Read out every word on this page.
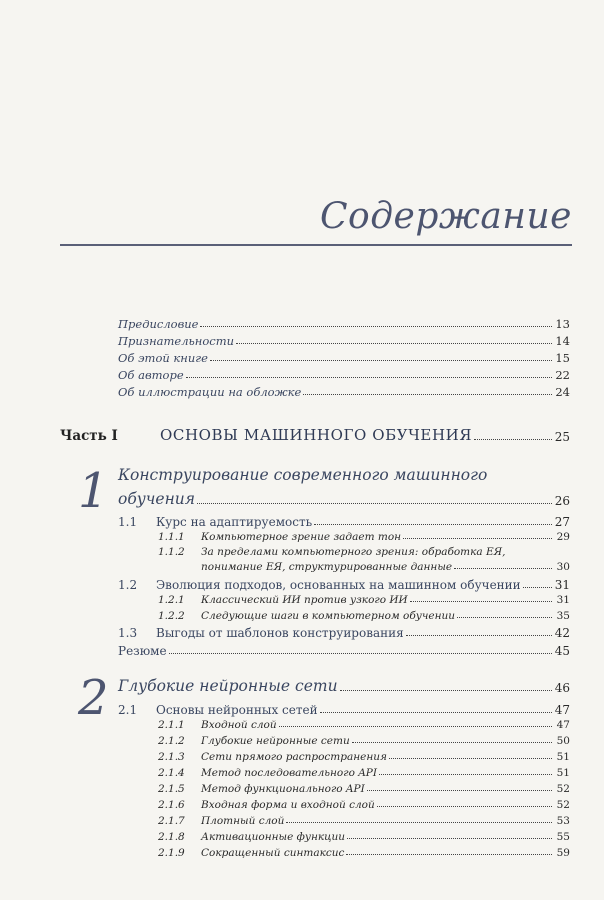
Содержание
Предисловие	13
Признательности	14
Об этой книге	15
Об авторе	22
Об иллюстрации на обложке	24
Часть I	ОСНОВЫ МАШИННОГО ОБУЧЕНИЯ	25
1 Конструирование современного машинного
обучения	26
1.1	Курс на адаптируемость	27
1.1.1	Компьютерное зрение задает тон	29
1.1.2 За пределами компьютерного зрения: обработка ЕЯ,
понимание ЕЯ, структурированные данные	30
1.2	Эволюция подходов, основанных на машинном обучении	31
1.2.1	Классический ИИ против узкого ИИ	31
1.2.2	Следующие шаги в компьютерном обучении	35
1.3	Выгоды от шаблонов конструирования	42
Резюме	45
2 Глубокие нейронные сети	46
2.1	Основы нейронных сетей	47
2.1.1	Входной слой	47
2.1.2	Глубокие нейронные сети	50
2.1.3	Сети прямого распространения	51
2.1.4	Метод последовательного API	51
2.1.5	Метод функционального API	52
2.1.6	Входная форма и входной слой	52
2.1.7	Плотный слой	53
2.1.8	Активационные функции	55
2.1.9	Сокращенный синтаксис	59
